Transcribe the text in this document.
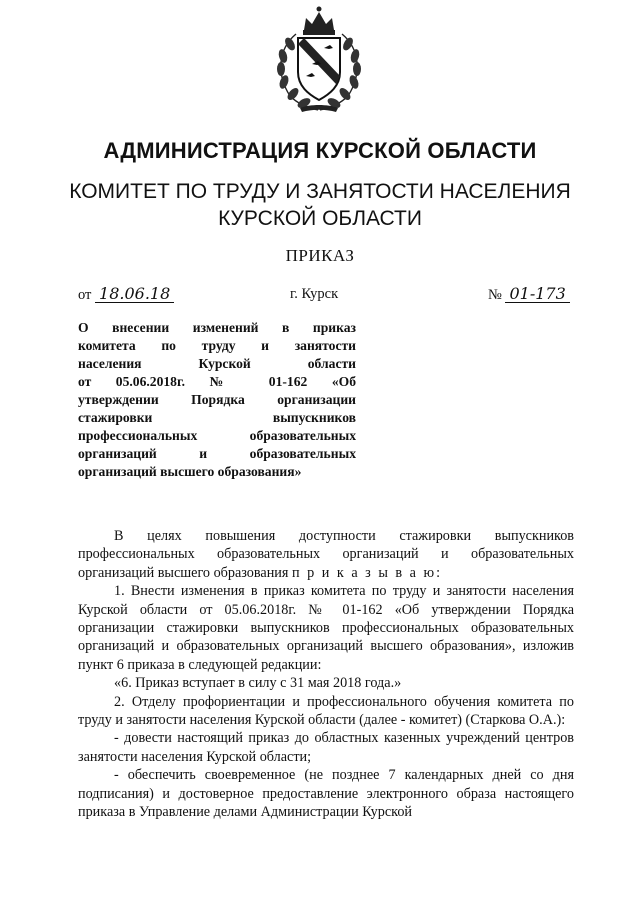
АДМИНИСТРАЦИЯ КУРСКОЙ ОБЛАСТИ
КОМИТЕТ ПО ТРУДУ И ЗАНЯТОСТИ НАСЕЛЕНИЯ
КУРСКОЙ ОБЛАСТИ
ПРИКАЗ
от 18.06.18	г. Курск	№ 01-173
О внесении изменений в приказ
комитета по труду и занятости
населения Курской области
от 05.06.2018г. № 01-162 «Об
утверждении Порядка организации
стажировки выпускников
профессиональных образовательных
организаций и образовательных
организаций высшего образования»

В целях повышения доступности стажировки выпускников профессиональных образовательных организаций и образовательных организаций высшего образования п р и к а з ы в а ю:

1. Внести изменения в приказ комитета по труду и занятости населения Курской области от 05.06.2018г. № 01-162 «Об утверждении Порядка организации стажировки выпускников профессиональных образовательных организаций и образовательных организаций высшего образования», изложив пункт 6 приказа в следующей редакции:

«6. Приказ вступает в силу с 31 мая 2018 года.»

2. Отделу профориентации и профессионального обучения комитета по труду и занятости населения Курской области (далее - комитет) (Старкова О.А.):

- довести настоящий приказ до областных казенных учреждений центров занятости населения Курской области;

- обеспечить своевременное (не позднее 7 календарных дней со дня подписания) и достоверное предоставление электронного образа настоящего приказа в Управление делами Администрации Курской
